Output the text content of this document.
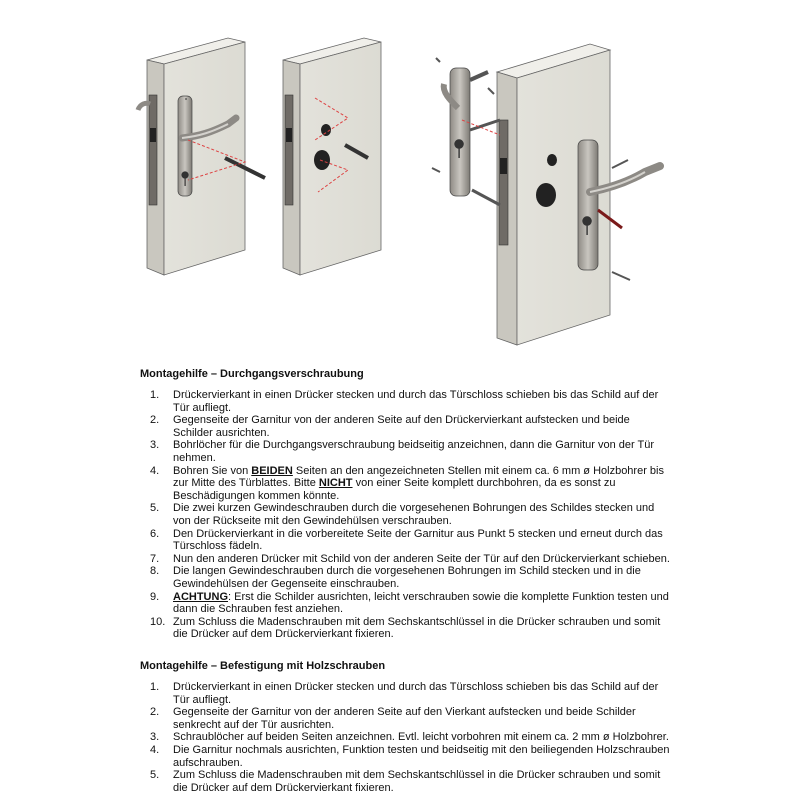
Montagehilfe – Durchgangsverschraubung
1.	Drückervierkant in einen Drücker stecken und durch das Türschloss schieben bis das Schild auf der Tür aufliegt.
2.	Gegenseite der Garnitur von der anderen Seite auf den Drückervierkant aufstecken und beide Schilder ausrichten.
3.	Bohrlöcher für die Durchgangsverschraubung beidseitig anzeichnen, dann die Garnitur von der Tür nehmen.
4.	Bohren Sie von BEIDEN Seiten an den angezeichneten Stellen mit einem ca. 6 mm ø Holzbohrer bis zur Mitte des Türblattes. Bitte NICHT von einer Seite komplett durchbohren, da es sonst zu Beschädigungen kommen könnte.
5.	Die zwei kurzen Gewindeschrauben durch die vorgesehenen Bohrungen des Schildes stecken und von der Rückseite mit den Gewindehülsen verschrauben.
6.	Den Drückervierkant in die vorbereitete Seite der Garnitur aus Punkt 5 stecken und erneut durch das Türschloss fädeln.
7.	Nun den anderen Drücker mit Schild von der anderen Seite der Tür auf den Drückervierkant schieben.
8.	Die langen Gewindeschrauben durch die vorgesehenen Bohrungen im Schild stecken und in die Gewindehülsen der Gegenseite einschrauben.
9.	ACHTUNG: Erst die Schilder ausrichten, leicht verschrauben sowie die komplette Funktion testen und dann die Schrauben fest anziehen.
10. Zum Schluss die Madenschrauben mit dem Sechskantschlüssel in die Drücker schrauben und somit die Drücker auf dem Drückervierkant fixieren.
Montagehilfe – Befestigung mit Holzschrauben
1.	Drückervierkant in einen Drücker stecken und durch das Türschloss schieben bis das Schild auf der Tür aufliegt.
2.	Gegenseite der Garnitur von der anderen Seite auf den Vierkant aufstecken und beide Schilder senkrecht auf der Tür ausrichten.
3.	Schraublöcher auf beiden Seiten anzeichnen. Evtl. leicht vorbohren mit einem ca. 2 mm ø Holzbohrer.
4.	Die Garnitur nochmals ausrichten, Funktion testen und beidseitig mit den beiliegenden Holzschrauben aufschrauben.
5.	Zum Schluss die Madenschrauben mit dem Sechskantschlüssel in die Drücker schrauben und somit die Drücker auf dem Drückervierkant fixieren.
